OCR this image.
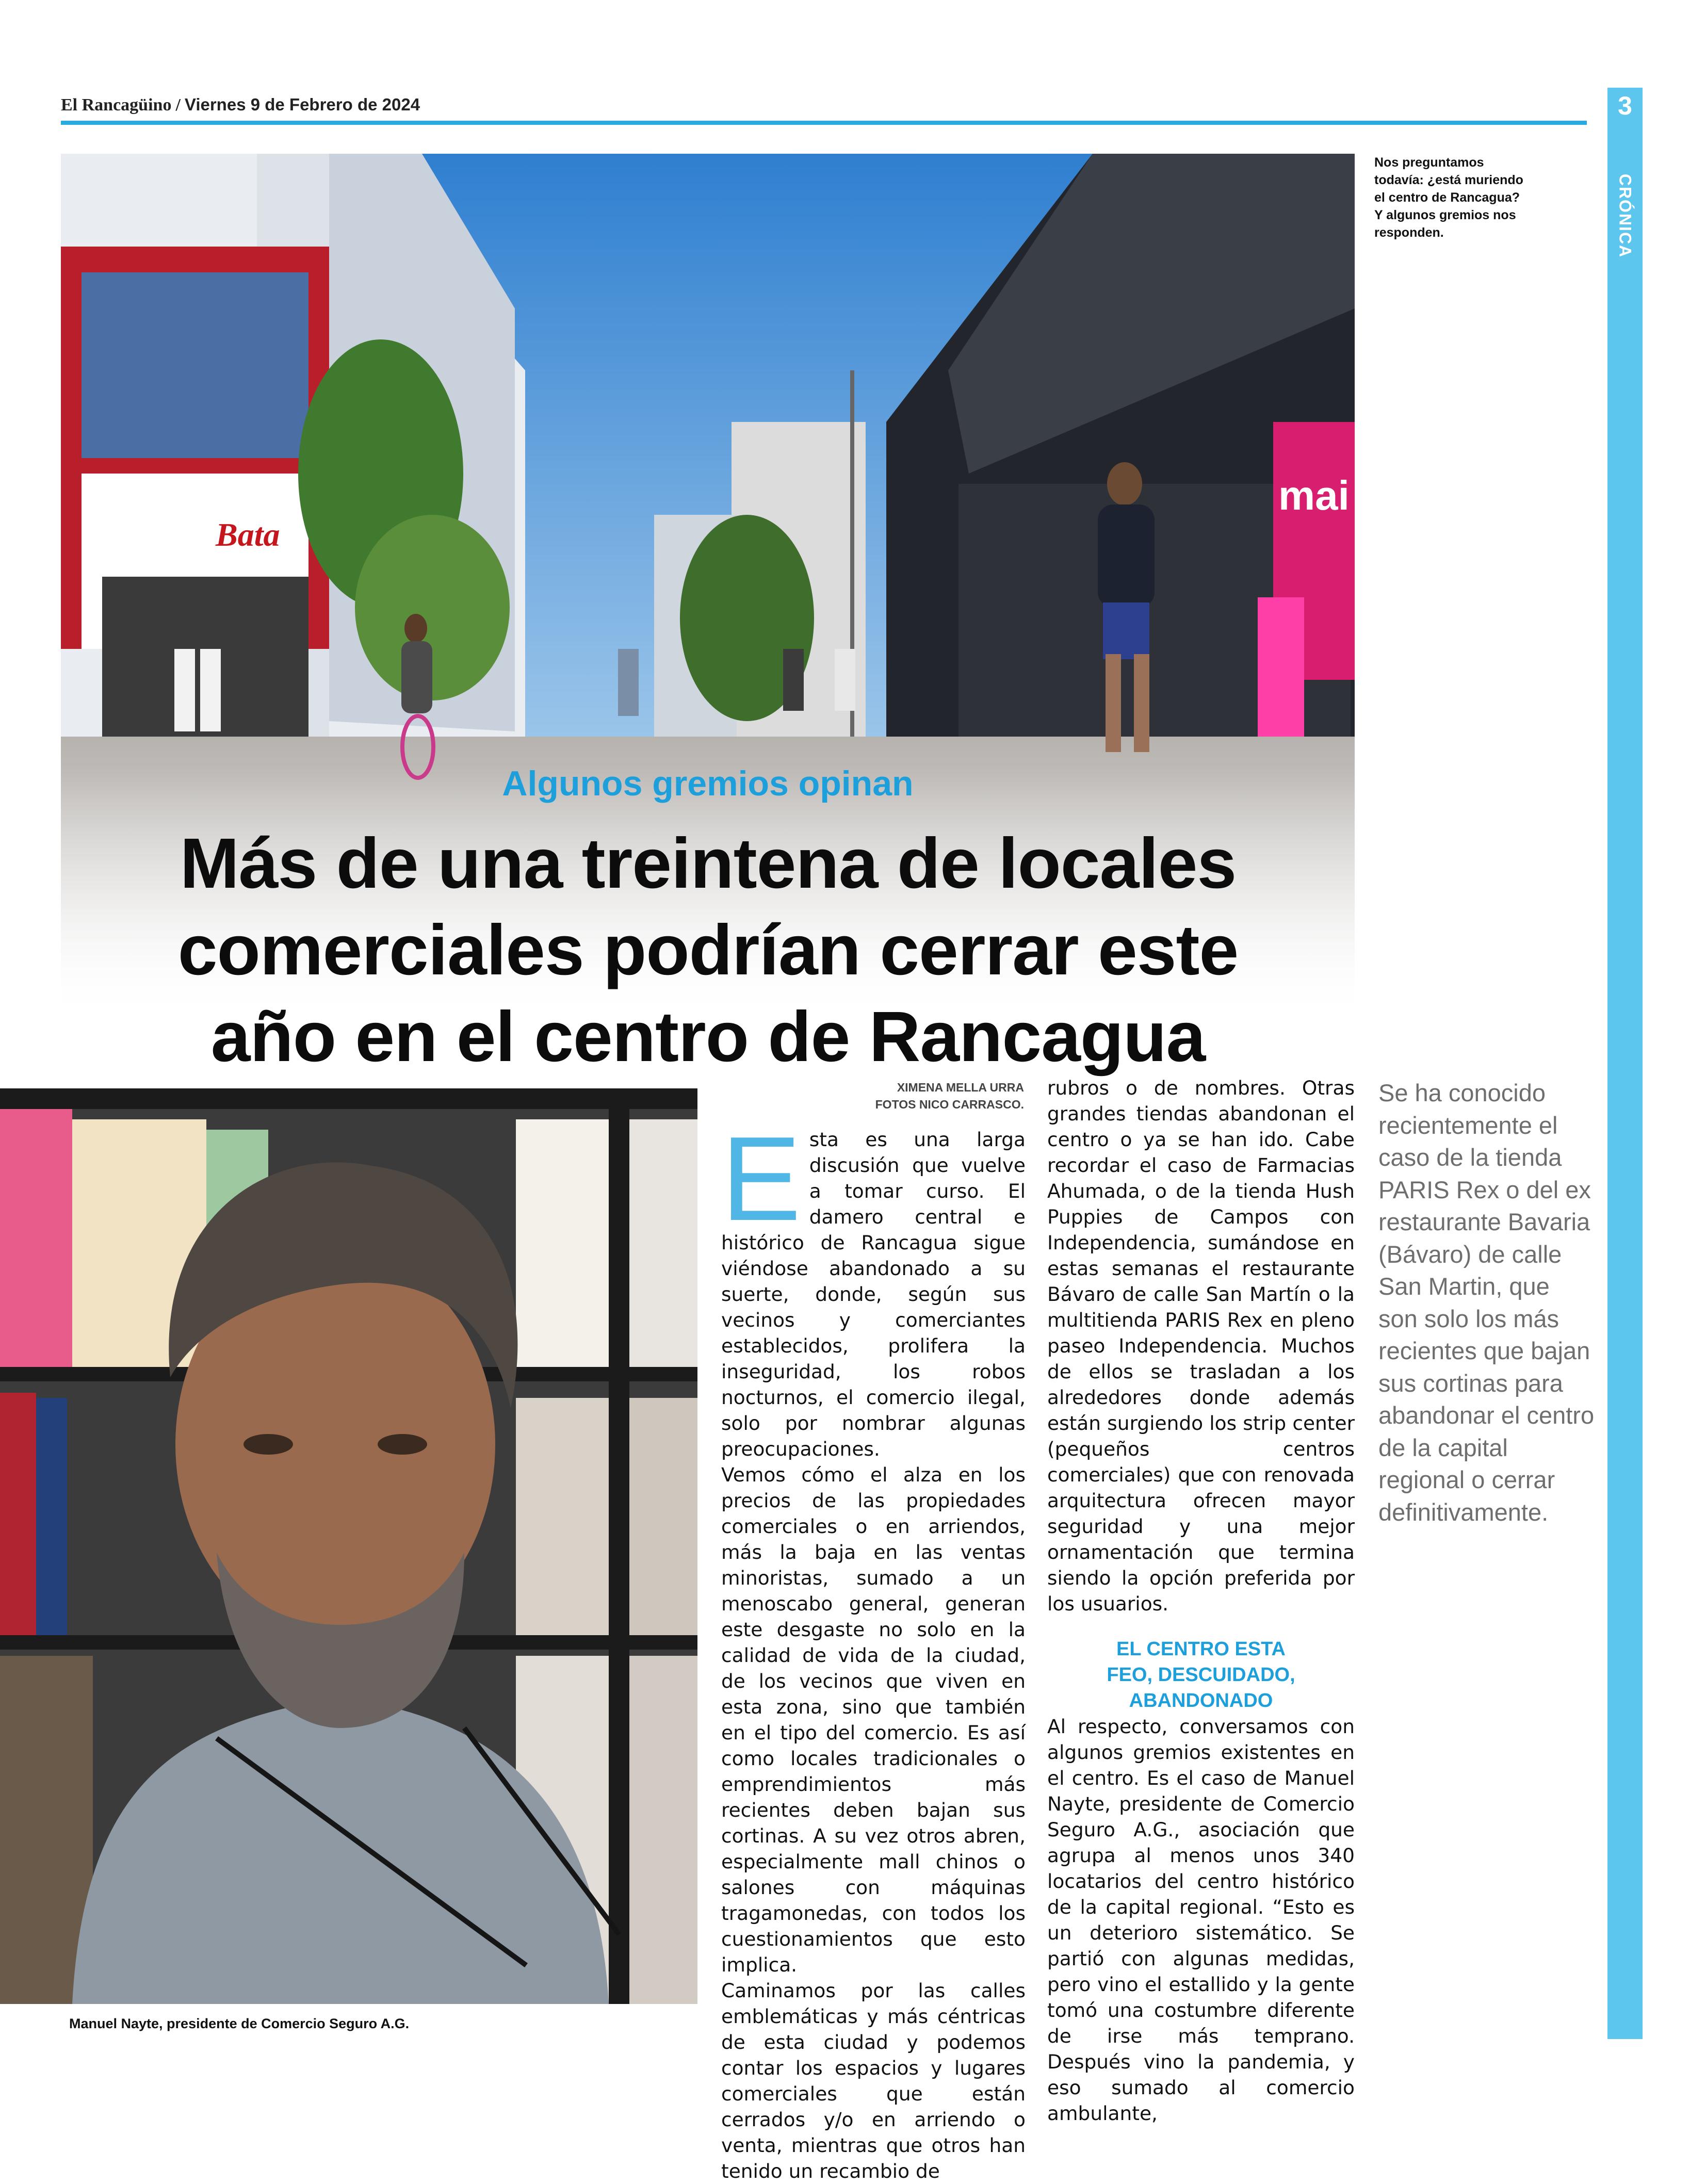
El Rancagüino / Viernes 9 de Febrero de 2024	3
CRÓNICA
Bata
mai
Algunos gremios opinan
Más de una treintena de locales
comerciales podrían cerrar este
año en el centro de Rancagua
Nos preguntamos todavía: ¿está muriendo el centro de Rancagua? Y algunos gremios nos responden.
Manuel Nayte, presidente de Comercio Seguro A.G.
XIMENA MELLA URRA
FOTOS NICO CARRASCO.
E sta es una larga discusión que vuelve a tomar curso. El damero central e histórico de Rancagua sigue viéndose abandonado a su suerte, donde, según sus vecinos y comerciantes establecidos, prolifera la inseguridad, los robos nocturnos, el comercio ilegal, solo por nombrar algunas preocupaciones.

Vemos cómo el alza en los precios de las propiedades comerciales o en arriendos, más la baja en las ventas minoristas, sumado a un menoscabo general, generan este desgaste no solo en la calidad de vida de la ciudad, de los vecinos que viven en esta zona, sino que también en el tipo del comercio. Es así como locales tradicionales o emprendimientos más recientes deben bajan sus cortinas. A su vez otros abren, especialmente mall chinos o salones con máquinas tragamonedas, con todos los cuestionamientos que esto implica.

Caminamos por las calles emblemáticas y más céntricas de esta ciudad y podemos contar los espacios y lugares comerciales que están cerrados y/o en arriendo o venta, mientras que otros han tenido un recambio de

rubros o de nombres. Otras grandes tiendas abandonan el centro o ya se han ido. Cabe recordar el caso de Farmacias Ahumada, o de la tienda Hush Puppies de Campos con Independencia, sumándose en estas semanas el restaurante Bávaro de calle San Martín o la multitienda PARIS Rex en pleno paseo Independencia. Muchos de ellos se trasladan a los alrededores donde además están surgiendo los strip center (pequeños centros comerciales) que con renovada arquitectura ofrecen mayor seguridad y una mejor ornamentación que termina siendo la opción preferida por los usuarios.

EL CENTRO ESTA
FEO, DESCUIDADO,
ABANDONADO

Al respecto, conversamos con algunos gremios existentes en el centro. Es el caso de Manuel Nayte, presidente de Comercio Seguro A.G., asociación que agrupa al menos unos 340 locatarios del centro histórico de la capital regional. “Esto es un deterioro sistemático. Se partió con algunas medidas, pero vino el estallido y la gente tomó una costumbre diferente de irse más temprano. Después vino la pandemia, y eso sumado al comercio ambulante,

Se ha conocido recientemente el caso de la tienda PARIS Rex o del ex restaurante Bavaria (Bávaro) de calle San Martin, que son solo los más recientes que bajan sus cortinas para abandonar el centro de la capital regional o cerrar definitivamente.
